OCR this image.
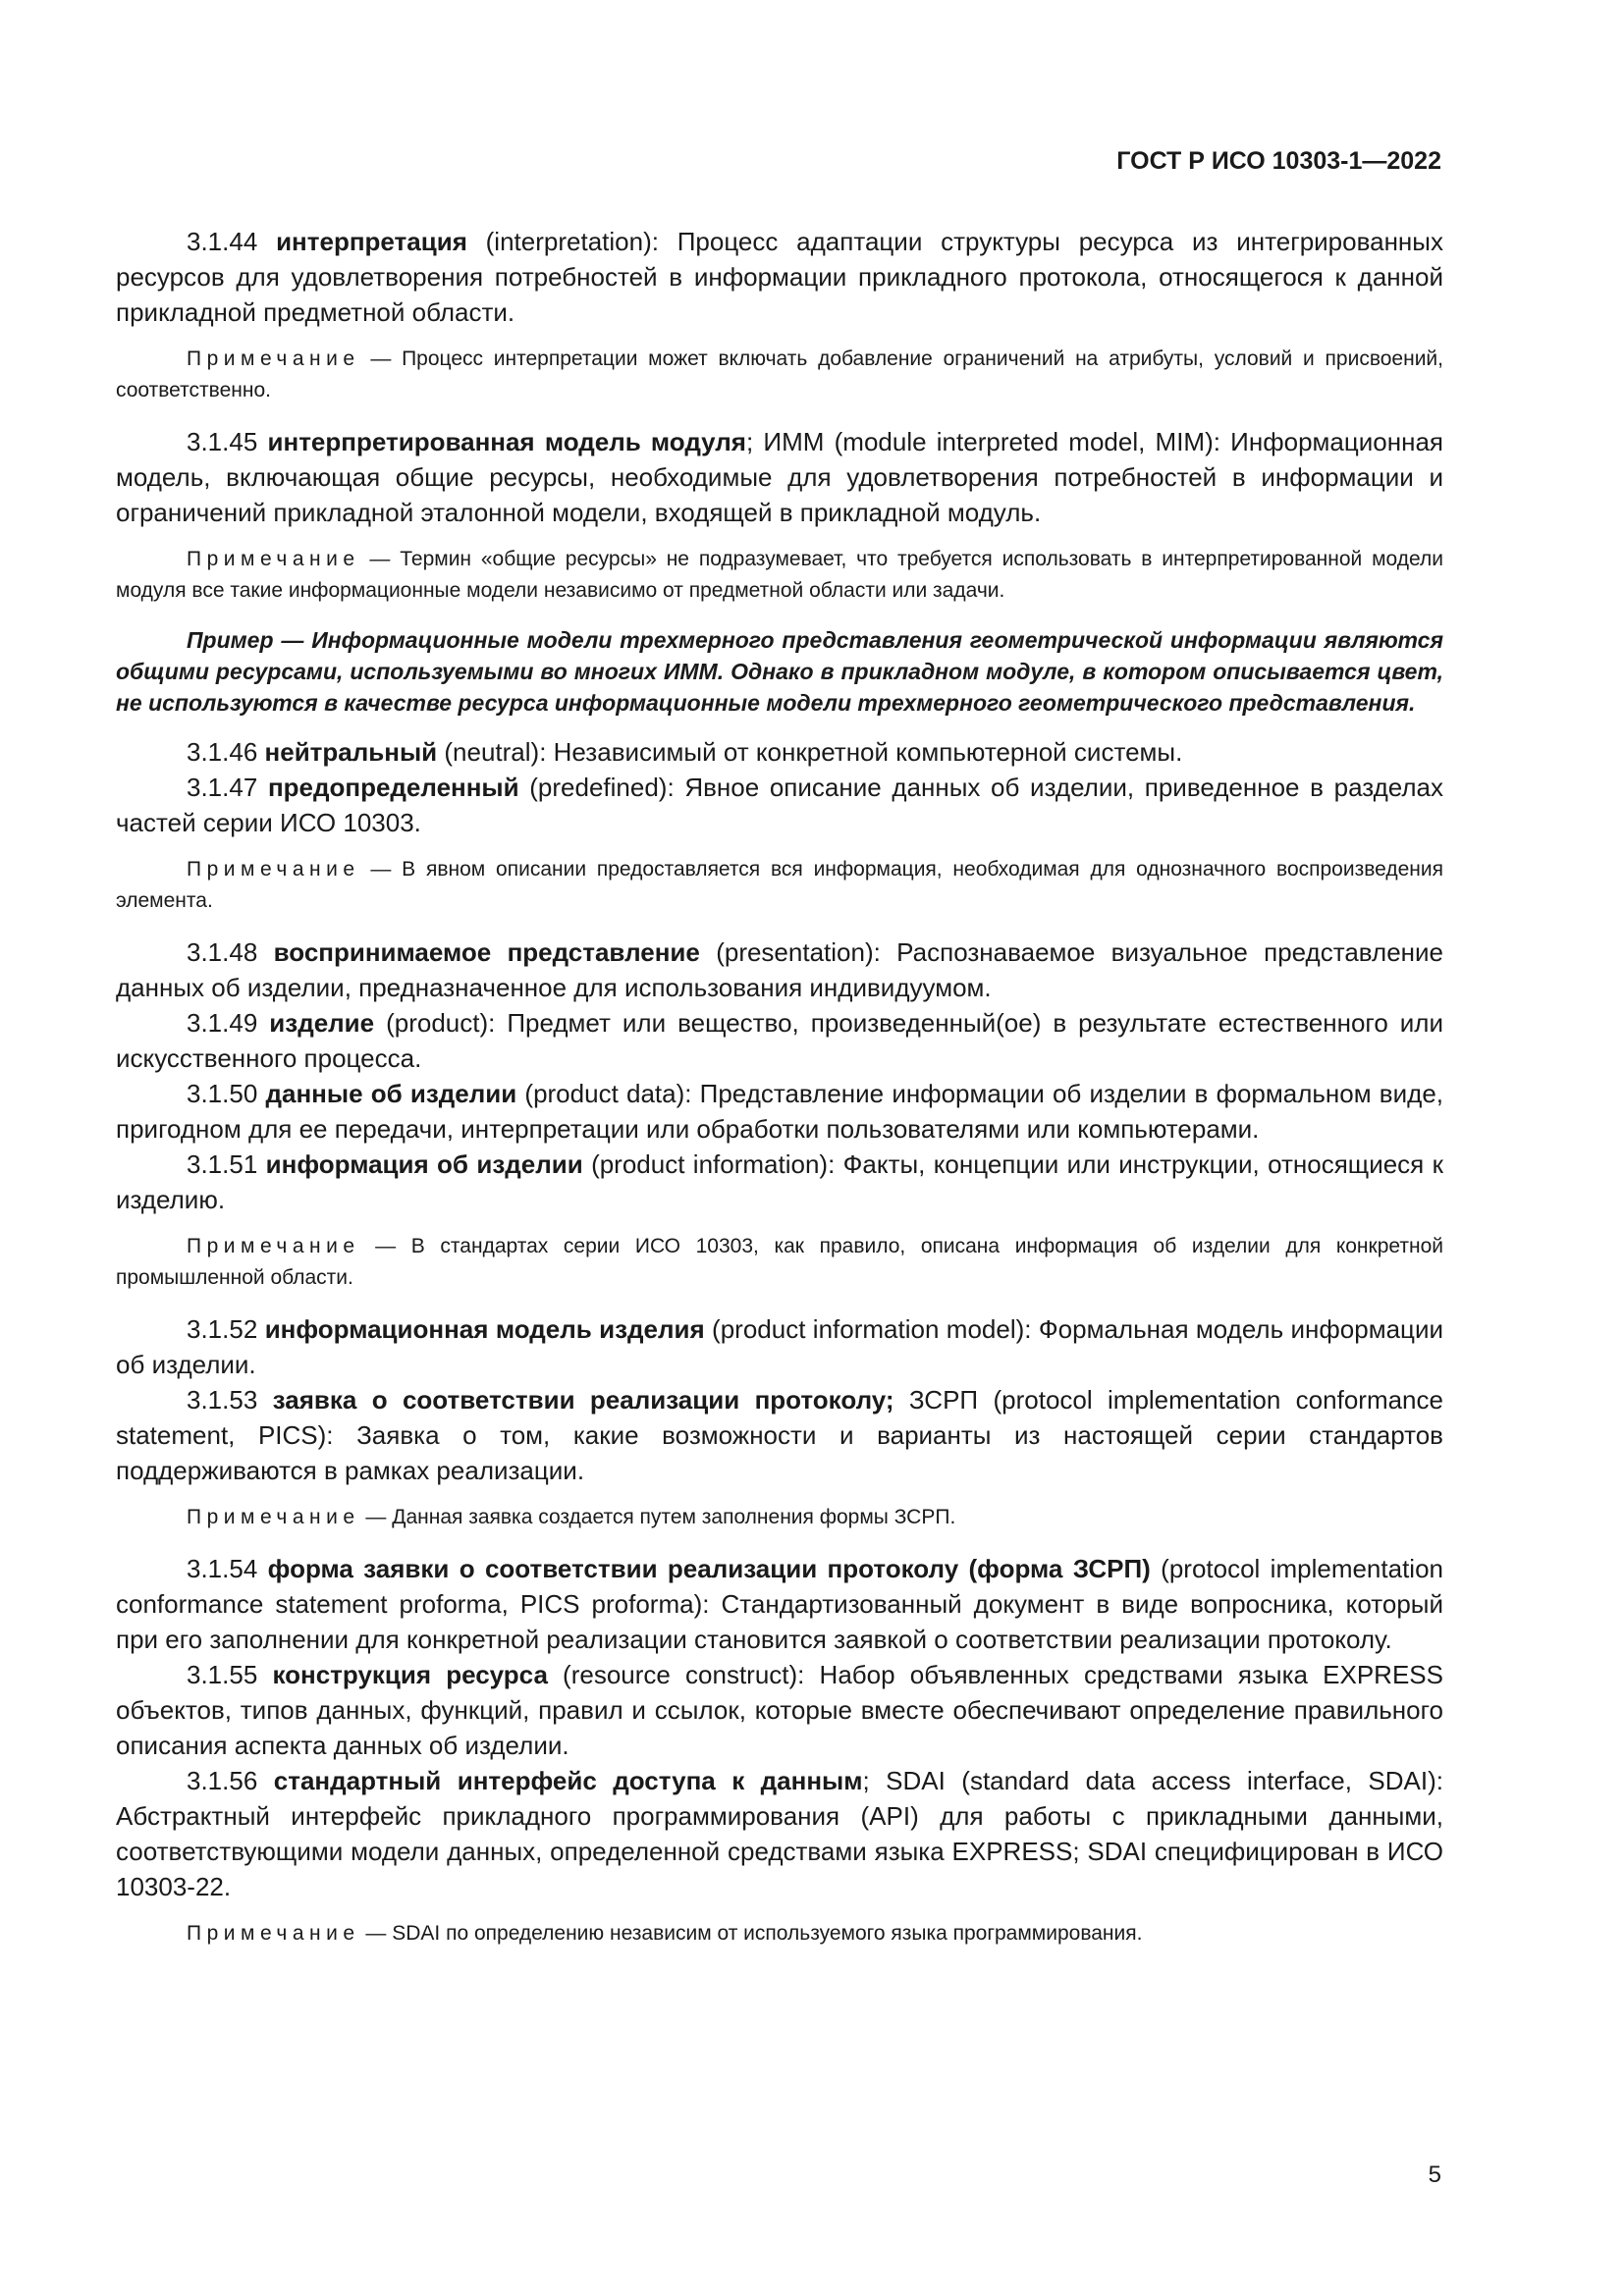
ГОСТ Р ИСО 10303-1—2022

3.1.44 интерпретация (interpretation): Процесс адаптации структуры ресурса из интегрированных ресурсов для удовлетворения потребностей в информации прикладного протокола, относящегося к данной прикладной предметной области.

Примечание — Процесс интерпретации может включать добавление ограничений на атрибуты, условий и присвоений, соответственно.

3.1.45 интерпретированная модель модуля; ИММ (module interpreted model, MIM): Информационная модель, включающая общие ресурсы, необходимые для удовлетворения потребностей в информации и ограничений прикладной эталонной модели, входящей в прикладной модуль.

Примечание — Термин «общие ресурсы» не подразумевает, что требуется использовать в интерпретированной модели модуля все такие информационные модели независимо от предметной области или задачи.

Пример — Информационные модели трехмерного представления геометрической информации являются общими ресурсами, используемыми во многих ИММ. Однако в прикладном модуле, в котором описывается цвет, не используются в качестве ресурса информационные модели трехмерного геометрического представления.

3.1.46 нейтральный (neutral): Независимый от конкретной компьютерной системы.

3.1.47 предопределенный (predefined): Явное описание данных об изделии, приведенное в разделах частей серии ИСО 10303.

Примечание — В явном описании предоставляется вся информация, необходимая для однозначного воспроизведения элемента.

3.1.48 воспринимаемое представление (presentation): Распознаваемое визуальное представление данных об изделии, предназначенное для использования индивидуумом.

3.1.49 изделие (product): Предмет или вещество, произведенный(ое) в результате естественного или искусственного процесса.

3.1.50 данные об изделии (product data): Представление информации об изделии в формальном виде, пригодном для ее передачи, интерпретации или обработки пользователями или компьютерами.

3.1.51 информация об изделии (product information): Факты, концепции или инструкции, относящиеся к изделию.

Примечание — В стандартах серии ИСО 10303, как правило, описана информация об изделии для конкретной промышленной области.

3.1.52 информационная модель изделия (product information model): Формальная модель информации об изделии.

3.1.53 заявка о соответствии реализации протоколу; ЗСРП (protocol implementation conformance statement, PICS): Заявка о том, какие возможности и варианты из настоящей серии стандартов поддерживаются в рамках реализации.

Примечание — Данная заявка создается путем заполнения формы ЗСРП.

3.1.54 форма заявки о соответствии реализации протоколу (форма ЗСРП) (protocol implementation conformance statement proforma, PICS proforma): Стандартизованный документ в виде вопросника, который при его заполнении для конкретной реализации становится заявкой о соответствии реализации протоколу.

3.1.55 конструкция ресурса (resource construct): Набор объявленных средствами языка EXPRESS объектов, типов данных, функций, правил и ссылок, которые вместе обеспечивают определение правильного описания аспекта данных об изделии.

3.1.56 стандартный интерфейс доступа к данным; SDAI (standard data access interface, SDAI): Абстрактный интерфейс прикладного программирования (API) для работы с прикладными данными, соответствующими модели данных, определенной средствами языка EXPRESS; SDAI специфицирован в ИСО 10303-22.

Примечание — SDAI по определению независим от используемого языка программирования.

5
